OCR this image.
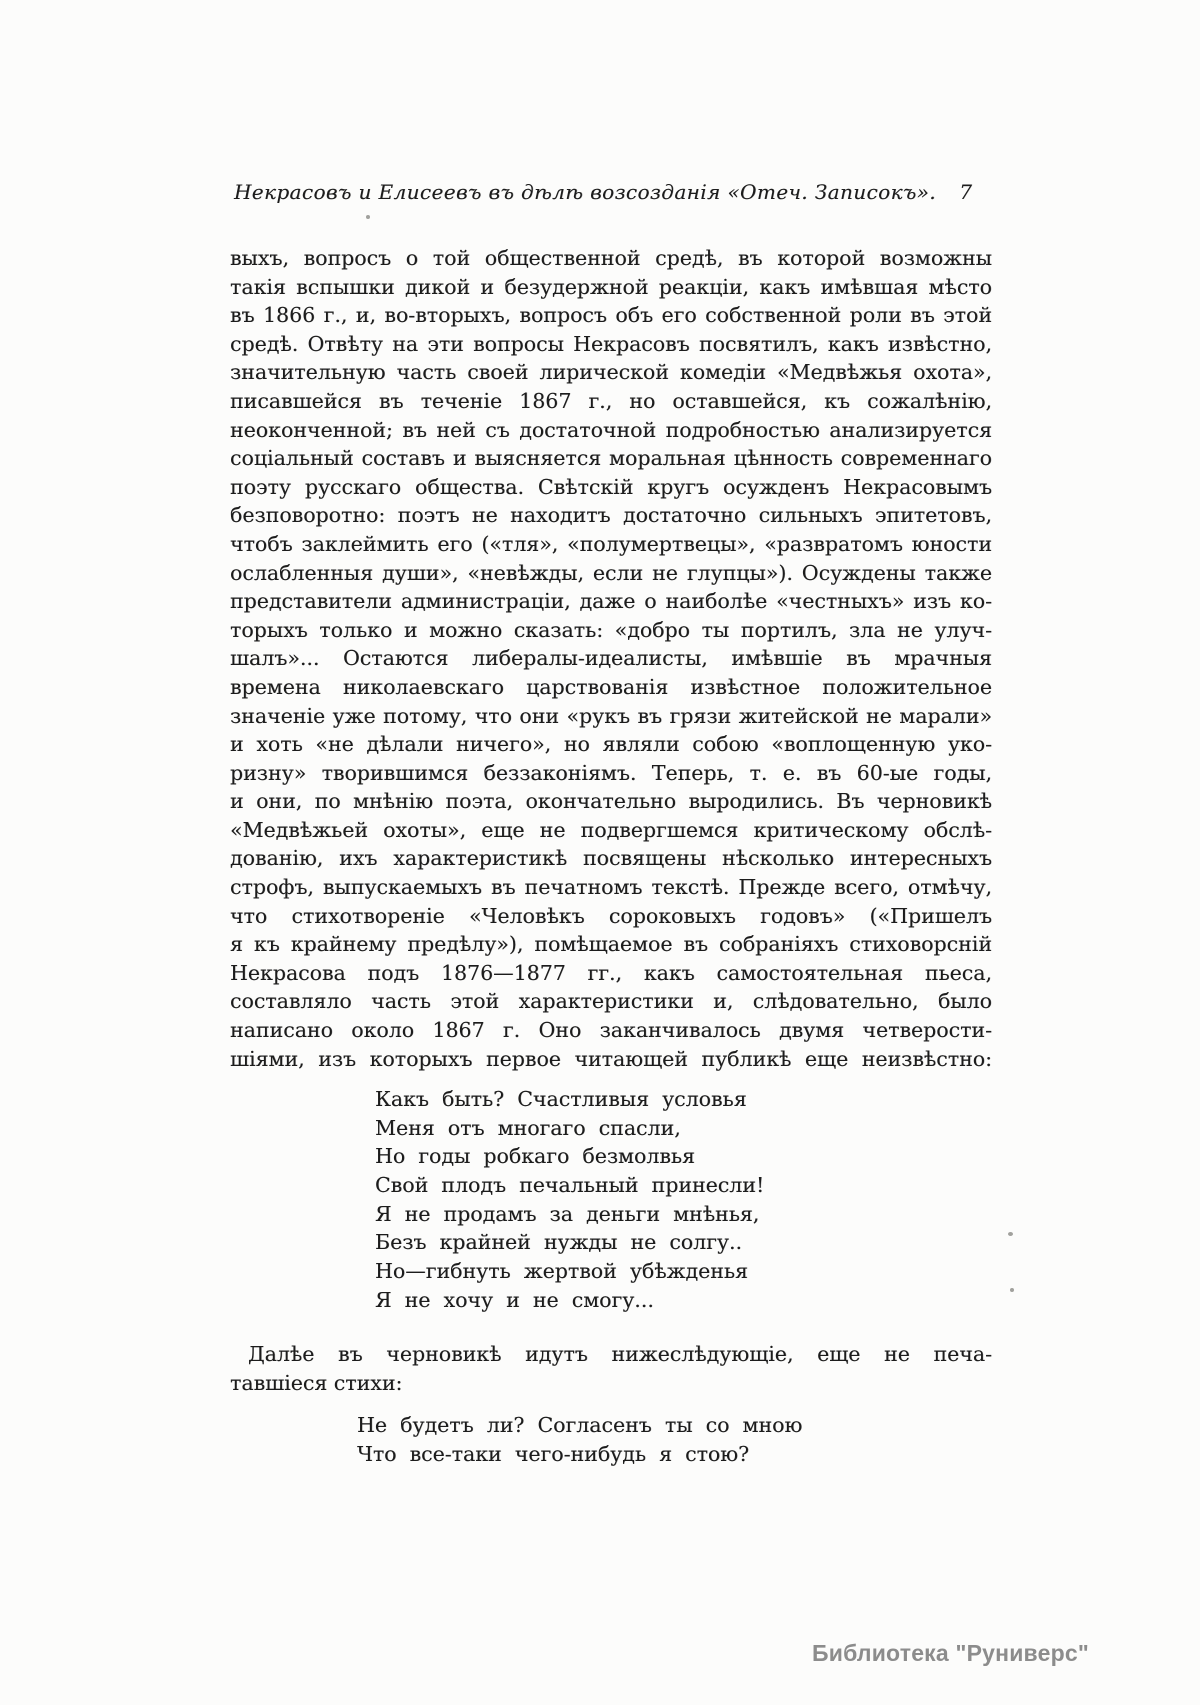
Некрасовъ и Елисеевъ въ дѣлѣ возсозданія «Отеч. Записокъ».	7
выхъ, вопросъ о той общественной средѣ, въ которой возможны
такія вспышки дикой и безудержной реакціи, какъ имѣвшая мѣсто
въ 1866 г., и, во-вторыхъ, вопросъ объ его собственной роли въ этой
средѣ. Отвѣту на эти вопросы Некрасовъ посвятилъ, какъ извѣстно,
значительную часть своей лирической комедіи «Медвѣжья охота»,
писавшейся въ теченіе 1867 г., но оставшейся, къ сожалѣнію,
неоконченной; въ ней съ достаточной подробностью анализируется
соціальный составъ и выясняется моральная цѣнность современнаго
поэту русскаго общества. Свѣтскій кругъ осужденъ Некрасовымъ
безповоротно: поэтъ не находитъ достаточно сильныхъ эпитетовъ,
чтобъ заклеймить его («тля», «полумертвецы», «развратомъ юности
ослабленныя души», «невѣжды, если не глупцы»). Осуждены также
представители администраціи, даже о наиболѣе «честныхъ» изъ ко-
торыхъ только и можно сказать: «добро ты портилъ, зла не улуч-
шалъ»... Остаются либералы-идеалисты, имѣвшіе въ мрачныя
времена николаевскаго царствованія извѣстное положительное
значеніе уже потому, что они «рукъ въ грязи житейской не марали»
и хоть «не дѣлали ничего», но являли собою «воплощенную уко-
ризну» творившимся беззаконіямъ. Теперь, т. е. въ 60-ые годы,
и они, по мнѣнію поэта, окончательно выродились. Въ черновикѣ
«Медвѣжьей охоты», еще не подвергшемся критическому обслѣ-
дованію, ихъ характеристикѣ посвящены нѣсколько интересныхъ
строфъ, выпускаемыхъ въ печатномъ текстѣ. Прежде всего, отмѣчу,
что стихотвореніе «Человѣкъ сороковыхъ годовъ» («Пришелъ
я къ крайнему предѣлу»), помѣщаемое въ собраніяхъ стиховорсній
Некрасова подъ 1876—1877 гг., какъ самостоятельная пьеса,
составляло часть этой характеристики и, слѣдовательно, было
написано около 1867 г. Оно заканчивалось двумя четверости-
шіями, изъ которыхъ первое читающей публикѣ еще неизвѣстно:
Какъ быть? Счастливыя условья
Меня отъ многаго спасли,
Но годы робкаго безмолвья
Свой плодъ печальный принесли!
Я не продамъ за деньги мнѣнья,
Безъ крайней нужды не солгу..
Но—гибнуть жертвой убѣжденья
Я не хочу и не смогу...
Далѣе въ черновикѣ идутъ нижеслѣдующіе, еще не печа-
тавшіеся стихи:
Не будетъ ли? Согласенъ ты со мною
Что все-таки чего-нибудь я стою?
Библиотека "Руниверс"
